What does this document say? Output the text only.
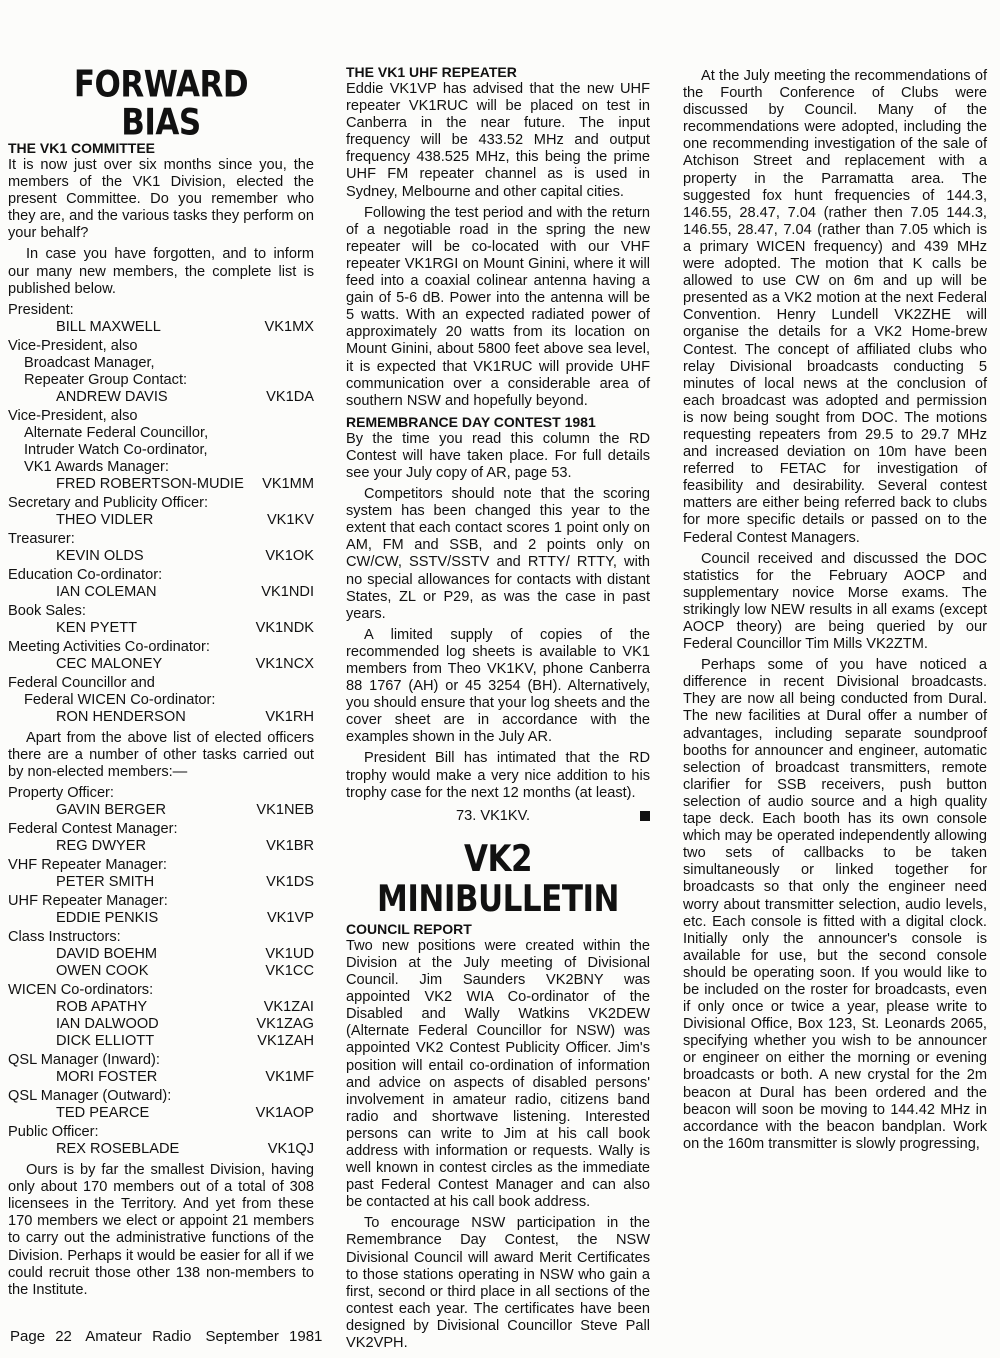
FORWARD
BIAS
THE VK1 COMMITTEE

It is now just over six months since you, the members of the VK1 Division, elected the present Committee. Do you remember who they are, and the various tasks they perform on your behalf?

In case you have forgotten, and to inform our many new members, the complete list is published below.

President:
BILL MAXWELL	VK1MX
Vice-President, also
Broadcast Manager,
Repeater Group Contact:
ANDREW DAVIS	VK1DA
Vice-President, also
Alternate Federal Councillor,
Intruder Watch Co-ordinator,
VK1 Awards Manager:
FRED ROBERTSON-MUDIE VK1MM
Secretary and Publicity Officer:
THEO VIDLER	VK1KV
Treasurer:
KEVIN OLDS	VK1OK
Education Co-ordinator:
IAN COLEMAN	VK1NDI
Book Sales:
KEN PYETT	VK1NDK
Meeting Activities Co-ordinator:
CEC MALONEY	VK1NCX
Federal Councillor and
Federal WICEN Co-ordinator:
RON HENDERSON	VK1RH

Apart from the above list of elected officers there are a number of other tasks carried out by non-elected members:—

Property Officer:
GAVIN BERGER	VK1NEB
Federal Contest Manager:
REG DWYER	VK1BR
VHF Repeater Manager:
PETER SMITH	VK1DS
UHF Repeater Manager:
EDDIE PENKIS	VK1VP
Class Instructors:
DAVID BOEHM	VK1UD
OWEN COOK	VK1CC
WICEN Co-ordinators:
ROB APATHY	VK1ZAI
IAN DALWOOD	VK1ZAG
DICK ELLIOTT	VK1ZAH
QSL Manager (Inward):
MORI FOSTER	VK1MF
QSL Manager (Outward):
TED PEARCE	VK1AOP
Public Officer:
REX ROSEBLADE	VK1QJ

Ours is by far the smallest Division, having only about 170 members out of a total of 308 licensees in the Territory. And yet from these 170 members we elect or appoint 21 members to carry out the administrative functions of the Division. Perhaps it would be easier for all if we could recruit those other 138 non-members to the Institute.

THE VK1 UHF REPEATER

Eddie VK1VP has advised that the new UHF repeater VK1RUC will be placed on test in Canberra in the near future. The input frequency will be 433.52 MHz and output frequency 438.525 MHz, this being the prime UHF FM repeater channel as is used in Sydney, Melbourne and other capital cities.

Following the test period and with the return of a negotiable road in the spring the new repeater will be co-located with our VHF repeater VK1RGI on Mount Ginini, where it will feed into a coaxial colinear antenna having a gain of 5-6 dB. Power into the antenna will be 5 watts. With an expected radiated power of approximately 20 watts from its location on Mount Ginini, about 5800 feet above sea level, it is expected that VK1RUC will provide UHF communication over a considerable area of southern NSW and hopefully beyond.

REMEMBRANCE DAY CONTEST 1981

By the time you read this column the RD Contest will have taken place. For full details see your July copy of AR, page 53.

Competitors should note that the scoring system has been changed this year to the extent that each contact scores 1 point only on AM, FM and SSB, and 2 points only on CW/CW, SSTV/SSTV and RTTY/ RTTY, with no special allowances for contacts with distant States, ZL or P29, as was the case in past years.

A limited supply of copies of the recommended log sheets is available to VK1 members from Theo VK1KV, phone Canberra 88 1767 (AH) or 45 3254 (BH). Alternatively, you should ensure that your log sheets and the cover sheet are in accordance with the examples shown in the July AR.

President Bill has intimated that the RD trophy would make a very nice addition to his trophy case for the next 12 months (at least).

73. VK1KV.
VK2
MINIBULLETIN
COUNCIL REPORT

Two new positions were created within the Division at the July meeting of Divisional Council. Jim Saunders VK2BNY was appointed VK2 WIA Co-ordinator of the Disabled and Wally Watkins VK2DEW (Alternate Federal Councillor for NSW) was appointed VK2 Contest Publicity Officer. Jim's position will entail co-ordination of information and advice on aspects of disabled persons' involvement in amateur radio, citizens band radio and shortwave listening. Interested persons can write to Jim at his call book address with information or requests. Wally is well known in contest circles as the immediate past Federal Contest Manager and can also be contacted at his call book address.

To encourage NSW participation in the Remembrance Day Contest, the NSW Divisional Council will award Merit Certificates to those stations operating in NSW who gain a first, second or third place in all sections of the contest each year. The certificates have been designed by Divisional Councillor Steve Pall VK2VPH.

At the July meeting the recommendations of the Fourth Conference of Clubs were discussed by Council. Many of the recommendations were adopted, including the one recommending investigation of the sale of Atchison Street and replacement with a property in the Parramatta area. The suggested fox hunt frequencies of 144.3, 146.55, 28.47, 7.04 (rather then 7.05 144.3, 146.55, 28.47, 7.04 (rather than 7.05 which is a primary WICEN frequency) and 439 MHz were adopted. The motion that K calls be allowed to use CW on 6m and up will be presented as a VK2 motion at the next Federal Convention. Henry Lundell VK2ZHE will organise the details for a VK2 Home-brew Contest. The concept of affiliated clubs who relay Divisional broadcasts conducting 5 minutes of local news at the conclusion of each broadcast was adopted and permission is now being sought from DOC. The motions requesting repeaters from 29.5 to 29.7 MHz and increased deviation on 10m have been referred to FETAC for investigation of feasibility and desirability. Several contest matters are either being referred back to clubs for more specific details or passed on to the Federal Contest Managers.

Council received and discussed the DOC statistics for the February AOCP and supplementary novice Morse exams. The strikingly low NEW results in all exams (except AOCP theory) are being queried by our Federal Councillor Tim Mills VK2ZTM.

Perhaps some of you have noticed a difference in recent Divisional broadcasts. They are now all being conducted from Dural. The new facilities at Dural offer a number of advantages, including separate soundproof booths for announcer and engineer, automatic selection of broadcast transmitters, remote clarifier for SSB receivers, push button selection of audio source and a high quality tape deck. Each booth has its own console which may be operated independently allowing two sets of callbacks to be taken simultaneously or linked together for broadcasts so that only the engineer need worry about transmitter selection, audio levels, etc. Each console is fitted with a digital clock. Initially only the announcer's console is available for use, but the second console should be operating soon. If you would like to be included on the roster for broadcasts, even if only once or twice a year, please write to Divisional Office, Box 123, St. Leonards 2065, specifying whether you wish to be announcer or engineer on either the morning or evening broadcasts or both. A new crystal for the 2m beacon at Dural has been ordered and the beacon will soon be moving to 144.42 MHz in accordance with the beacon bandplan. Work on the 160m transmitter is slowly progressing,

Page 22 Amateur Radio September 1981
